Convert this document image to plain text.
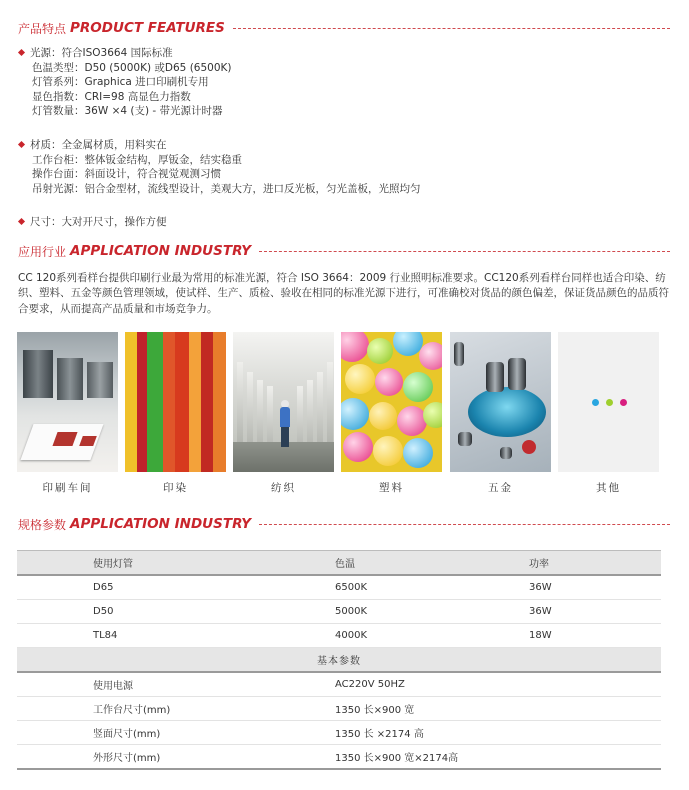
产品特点 PRODUCT FEATURES
光源：符合ISO3664 国际标准
色温类型：D50 (5000K) 或D65 (6500K)
灯管系列：Graphica 进口印刷机专用
显色指数：CRI=98 高显色力指数
灯管数量：36W ×4 (支) - 带光源计时器
材质：全金属材质，用料实在
工作台柜：整体钣金结构，厚钣金，结实稳重
操作台面：斜面设计，符合视觉观测习惯
吊射光源：铝合金型材，流线型设计，美观大方，进口反光板，匀光盖板，光照均匀
尺寸：大对开尺寸，操作方便
应用行业 APPLICATION INDUSTRY
CC 120系列看样台提供印刷行业最为常用的标准光源，符合 ISO 3664：2009 行业照明标准要求。CC120系列看样台同样也适合印染、纺织、塑料、五金等颜色管理领域，使试样、生产、质检、验收在相同的标准光源下进行，可准确校对货品的颜色偏差，保证货品颜色的品质符合要求，从而提高产品质量和市场竞争力。
印刷车间	印染	纺织	塑料	五金	其他
规格参数 APPLICATION INDUSTRY
使用灯管	色温	功率
D65	6500K	36W
D50	5000K	36W
TL84	4000K	18W
基本参数		
使用电源	AC220V 50HZ	
工作台尺寸(mm)	1350 长×900 宽	
竖面尺寸(mm)	1350 长 ×2174 高	
外形尺寸(mm)	1350 长×900 宽×2174高	
